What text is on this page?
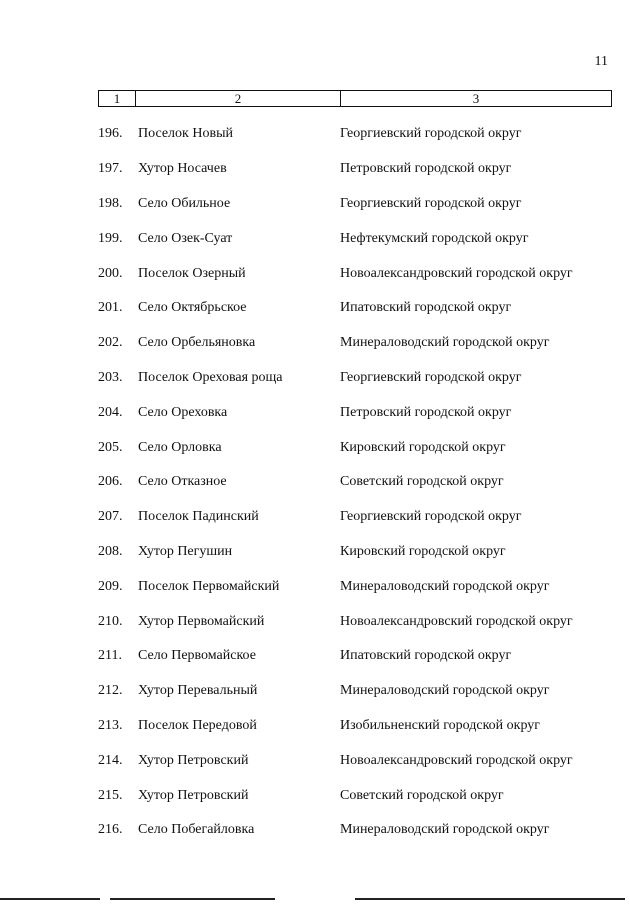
11
1	2	3
196.	Поселок Новый	Георгиевский городской округ
197.	Хутор Носачев	Петровский городской округ
198.	Село Обильное	Георгиевский городской округ
199.	Село Озек-Суат	Нефтекумский городской округ
200.	Поселок Озерный	Новоалександровский городской округ
201.	Село Октябрьское	Ипатовский городской округ
202.	Село Орбельяновка	Минераловодский городской округ
203.	Поселок Ореховая роща	Георгиевский городской округ
204.	Село Ореховка	Петровский городской округ
205.	Село Орловка	Кировский городской округ
206.	Село Отказное	Советский городской округ
207.	Поселок Падинский	Георгиевский городской округ
208.	Хутор Пегушин	Кировский городской округ
209.	Поселок Первомайский	Минераловодский городской округ
210.	Хутор Первомайский	Новоалександровский городской округ
211.	Село Первомайское	Ипатовский городской округ
212.	Хутор Перевальный	Минераловодский городской округ
213.	Поселок Передовой	Изобильненский городской округ
214.	Хутор Петровский	Новоалександровский городской округ
215.	Хутор Петровский	Советский городской округ
216.	Село Побегайловка	Минераловодский городской округ
